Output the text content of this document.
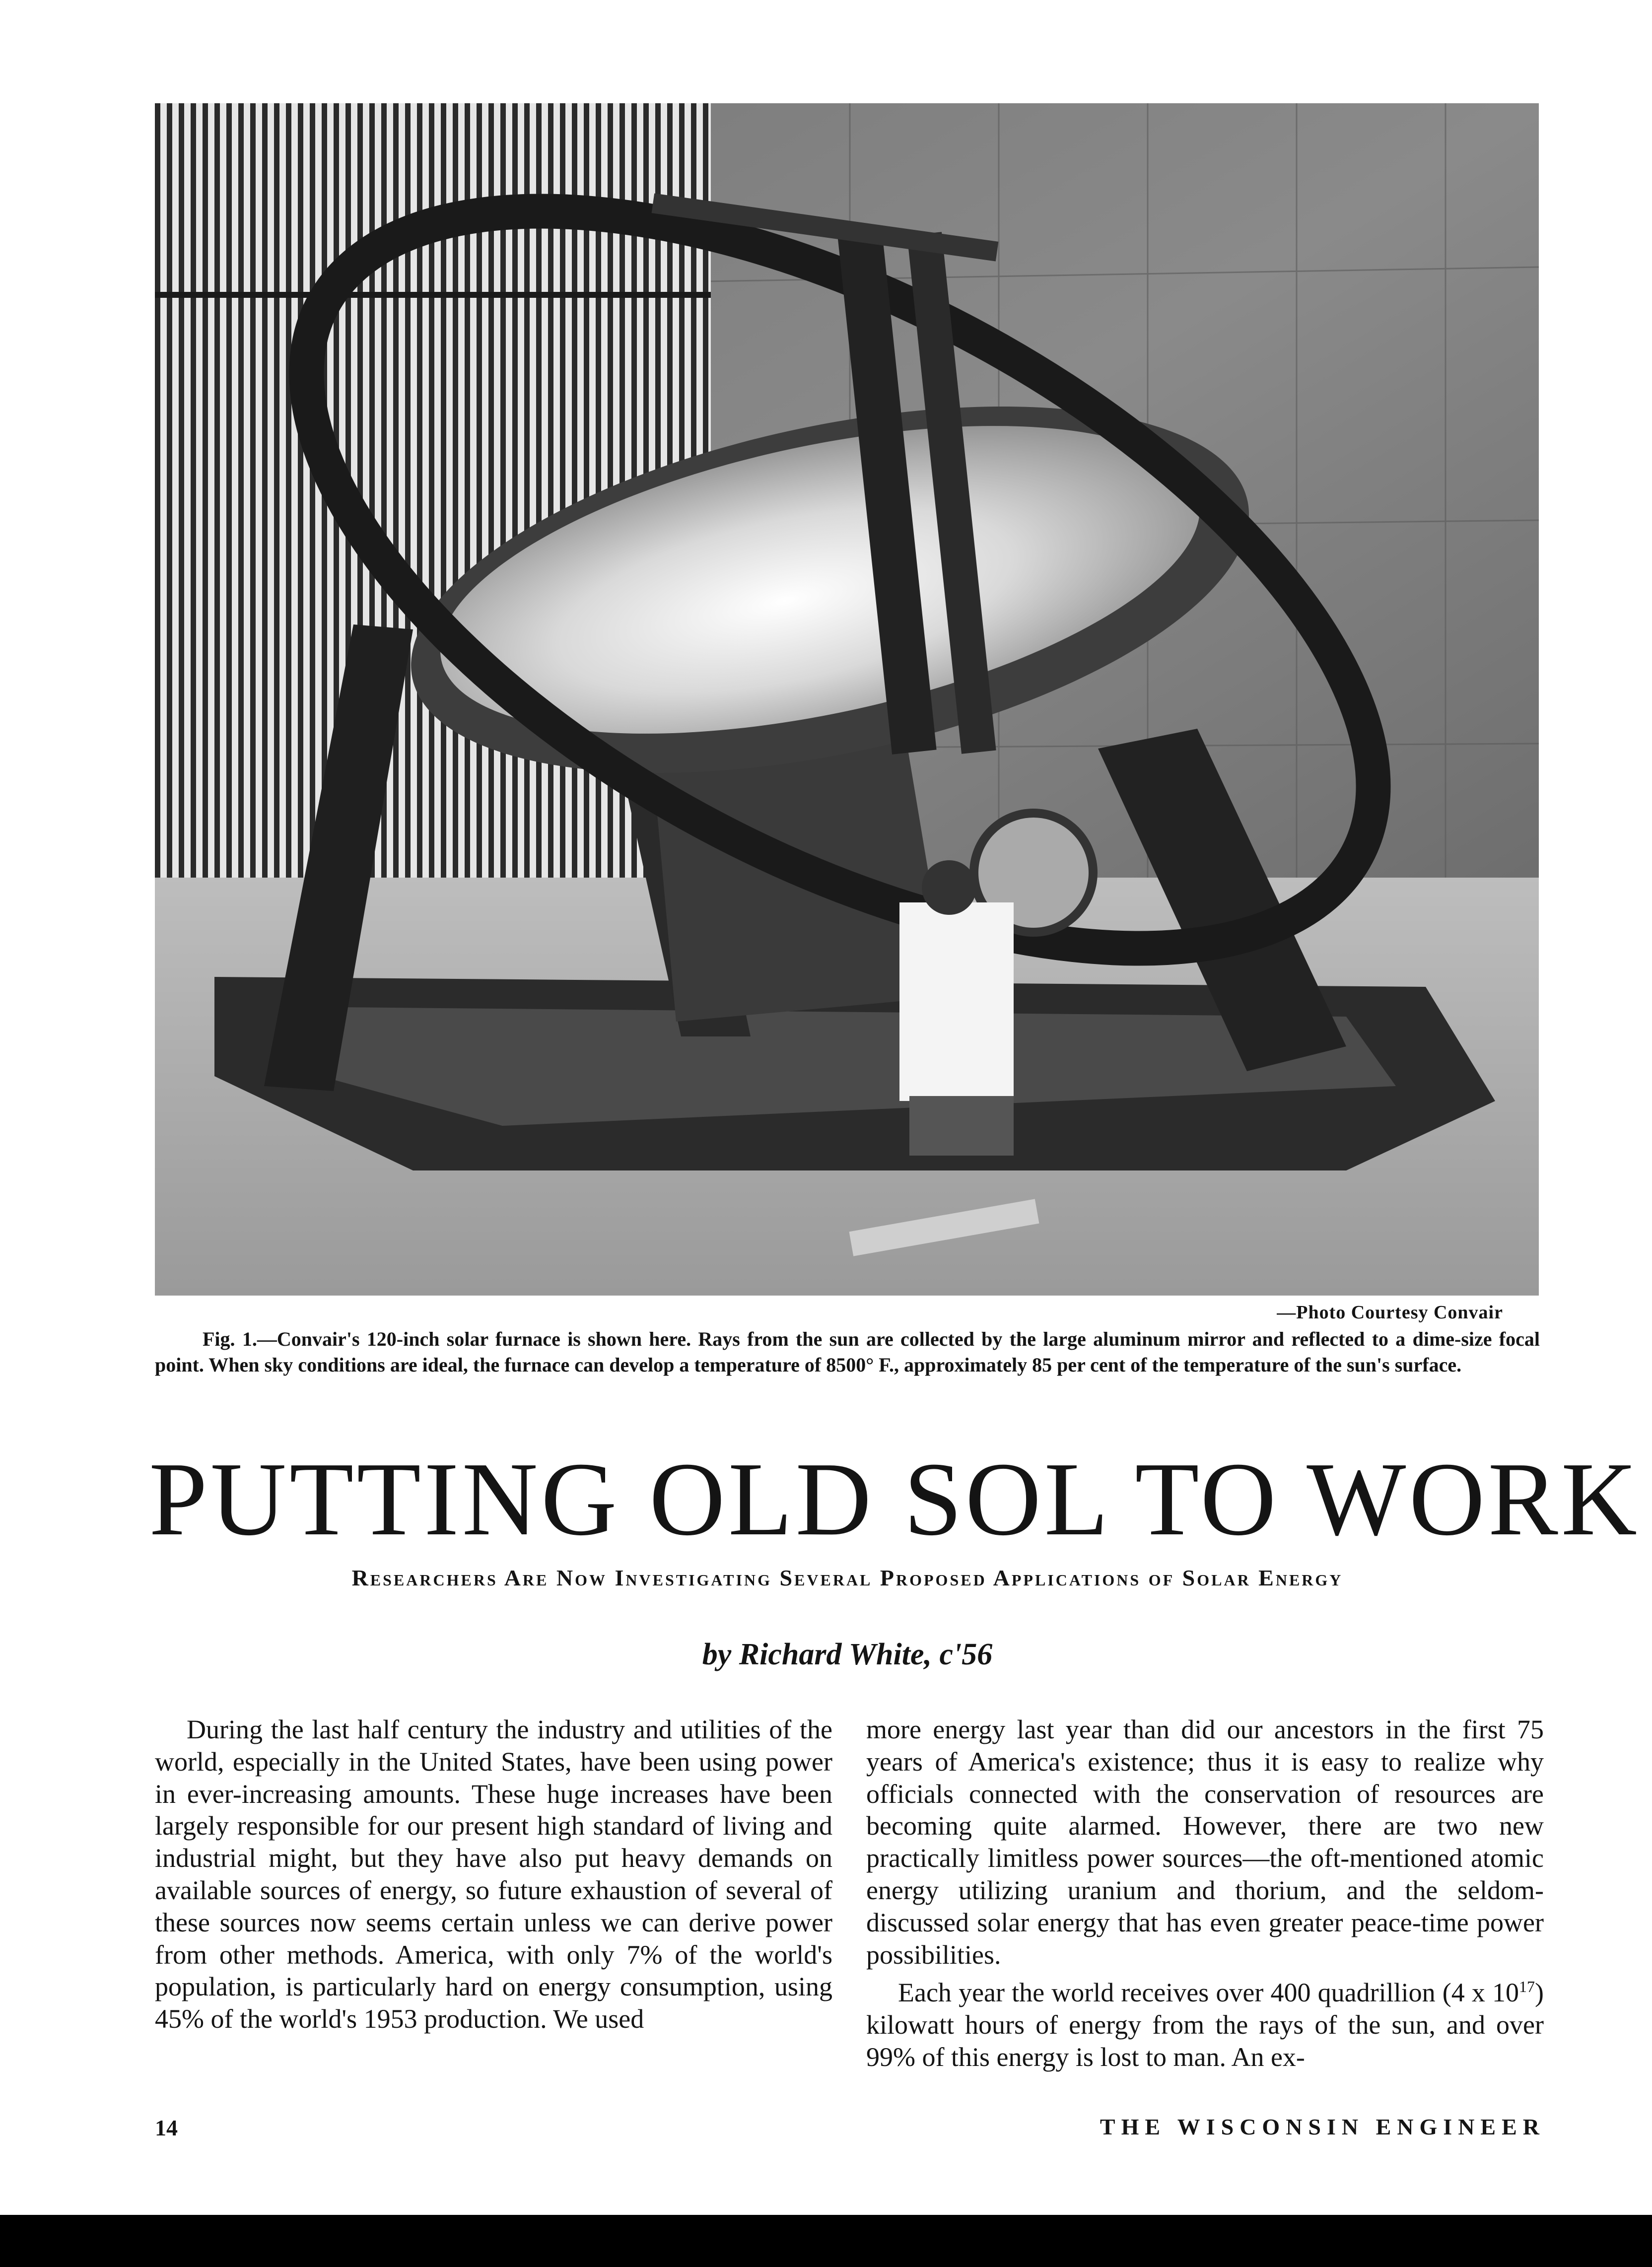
—Photo Courtesy Convair
Fig. 1.—Convair's 120-inch solar furnace is shown here. Rays from the sun are collected by the large aluminum mirror and reflected to a dime-size focal point. When sky conditions are ideal, the furnace can develop a temperature of 8500° F., approximately 85 per cent of the temperature of the sun's surface.
PUTTING OLD SOL TO WORK
Researchers Are Now Investigating Several Proposed Applications of Solar Energy
by Richard White, c'56

During the last half century the industry and utilities of the world, especially in the United States, have been using power in ever-increasing amounts. These huge increases have been largely responsible for our present high standard of living and industrial might, but they have also put heavy demands on available sources of energy, so future exhaustion of several of these sources now seems certain unless we can derive power from other methods. America, with only 7% of the world's population, is particularly hard on energy consumption, using 45% of the world's 1953 production. We used

more energy last year than did our ancestors in the first 75 years of America's existence; thus it is easy to realize why officials connected with the conservation of resources are becoming quite alarmed. However, there are two new practically limitless power sources—the oft-mentioned atomic energy utilizing uranium and thorium, and the seldom-discussed solar energy that has even greater peace-time power possibilities.

Each year the world receives over 400 quadrillion (4 x $10^{17}$) kilowatt hours of energy from the rays of the sun, and over 99% of this energy is lost to man. An ex-

14	THE WISCONSIN ENGINEER
